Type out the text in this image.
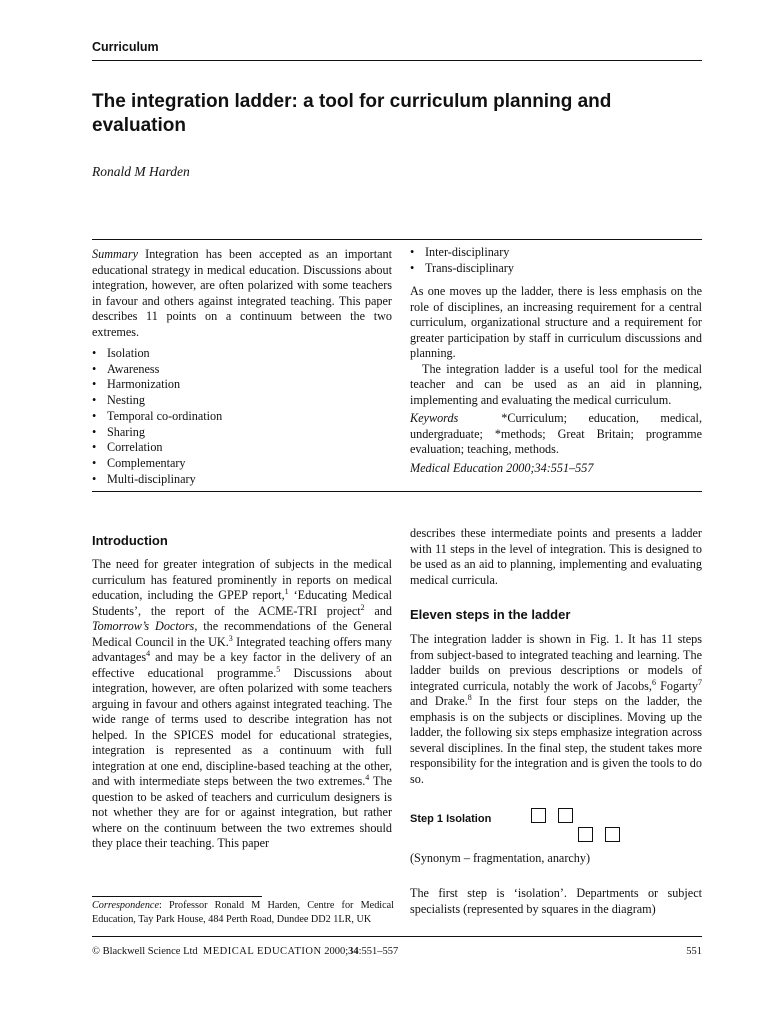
Curriculum
The integration ladder: a tool for curriculum planning and evaluation
Ronald M Harden

Summary Integration has been accepted as an important educational strategy in medical education. Discussions about integration, however, are often polarized with some teachers in favour and others against integrated teaching. This paper describes 11 points on a continuum between the two extremes.

• Isolation
• Awareness
• Harmonization
• Nesting
• Temporal co-ordination
• Sharing
• Correlation
• Complementary
• Multi-disciplinary
• Inter-disciplinary
• Trans-disciplinary

As one moves up the ladder, there is less emphasis on the role of disciplines, an increasing requirement for a central curriculum, organizational structure and a requirement for greater participation by staff in curriculum discussions and planning.

The integration ladder is a useful tool for the medical teacher and can be used as an aid in planning, implementing and evaluating the medical curriculum.

Keywords	*Curriculum; education, medical, undergraduate; *methods; Great Britain; programme evaluation; teaching, methods.

Medical Education 2000;34:551–557

Introduction

The need for greater integration of subjects in the medical curriculum has featured prominently in reports on medical education, including the GPEP report,$^1$ ‘Educating Medical Students’, the report of the ACME-TRI project$^2$ and Tomorrow’s Doctors, the recommendations of the General Medical Council in the UK.$^3$ Integrated teaching offers many advantages$^4$ and may be a key factor in the delivery of an effective educational programme.$^5$ Discussions about integration, however, are often polarized with some teachers arguing in favour and others against integrated teaching. The wide range of terms used to describe integration has not helped. In the SPICES model for educational strategies, integration is represented as a continuum with full integration at one end, discipline-based teaching at the other, and with intermediate steps between the two extremes.$^4$ The question to be asked of teachers and curriculum designers is not whether they are for or against integration, but rather where on the continuum between the two extremes should they place their teaching. This paper

describes these intermediate points and presents a ladder with 11 steps in the level of integration. This is designed to be used as an aid to planning, implementing and evaluating medical curricula.
Eleven steps in the ladder

The integration ladder is shown in Fig. 1. It has 11 steps from subject-based to integrated teaching and learning. The ladder builds on previous descriptions or models of integrated curricula, notably the work of Jacobs,$^6$ Fogarty$^7$ and Drake.$^8$ In the first four steps on the ladder, the emphasis is on the subjects or disciplines. Moving up the ladder, the following six steps emphasize integration across several disciplines. In the final step, the student takes more responsibility for the integration and is given the tools to do so.

Step 1 Isolation
(Synonym – fragmentation, anarchy)
The first step is ‘isolation’. Departments or subject specialists (represented by squares in the diagram)
Correspondence: Professor Ronald M Harden, Centre for Medical Education, Tay Park House, 484 Perth Road, Dundee DD2 1LR, UK
© Blackwell Science Ltd MEDICAL EDUCATION 2000;34:551–557	551
